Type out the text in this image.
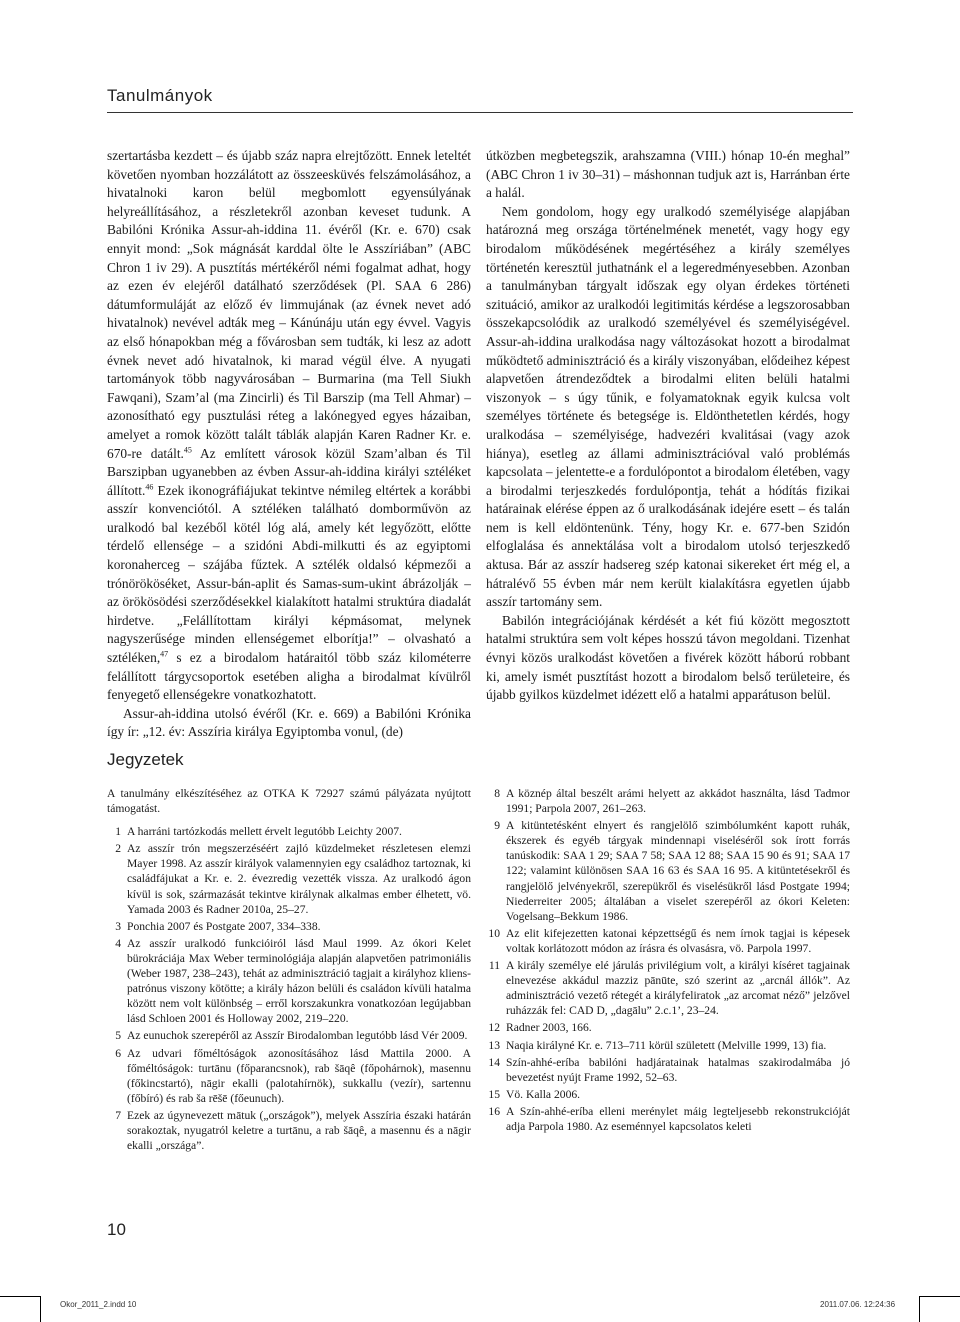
Tanulmányok

szertartásba kezdett – és újabb száz napra elrejtőzött. Ennek leteltét követően nyomban hozzálátott az összeesküvés felszámolásához, a hivatalnoki karon belül megbomlott egyensúlyának helyreállításához, a részletekről azonban keveset tudunk. A Babilóni Krónika Assur-ah-iddina 11. évéről (Kr. e. 670) csak ennyit mond: „Sok mágnását karddal ölte le Asszíriában” (ABC Chron 1 iv 29). A pusztítás mértékéről némi fogalmat adhat, hogy az ezen év elejéről datálható szerződések (Pl. SAA 6 286) dátumformuláját az előző év limmujának (az évnek nevet adó hivatalnok) nevével adták meg – Kánúnáju után egy évvel. Vagyis az első hónapokban még a fővárosban sem tudták, ki lesz az adott évnek nevet adó hivatalnok, ki marad végül élve. A nyugati tartományok több nagyvárosában – Burmarina (ma Tell Siukh Fawqani), Szam’al (ma Zincirli) és Til Barszip (ma Tell Ahmar) – azonosítható egy pusztulási réteg a lakónegyed egyes házaiban, amelyet a romok között talált táblák alapján Karen Radner Kr. e. 670-re datált.$^{45}$ Az említett városok közül Szam’alban és Til Barszipban ugyanebben az évben Assur-ah-iddina királyi sztéléket állított.$^{46}$ Ezek ikonográfiájukat tekintve némileg eltértek a korábbi asszír konvenciótól. A sztéléken található domborművön az uralkodó bal kezéből kötél lóg alá, amely két legyőzött, előtte térdelő ellensége – a szidóni Abdi-milkutti és az egyiptomi koronaherceg – szájába fűztek. A sztélék oldalsó képmezői a trónörököséket, Assur-bán-aplit és Samas-sum-ukint ábrázolják – az örökösödési szerződésekkel kialakított hatalmi struktúra diadalát hirdetve. „Felállítottam királyi képmásomat, melynek nagyszerűsége minden ellenségemet elborítja!” – olvasható a sztéléken,$^{47}$ s ez a birodalom határaitól több száz kilométerre felállított tárgycsoportok esetében aligha a birodalmat kívülről fenyegető ellenségekre vonatkozhatott.

Assur-ah-iddina utolsó évéről (Kr. e. 669) a Babilóni Krónika így ír: „12. év: Asszíria királya Egyiptomba vonul, (de)

útközben megbetegszik, arahszamna (VIII.) hónap 10-én meghal” (ABC Chron 1 iv 30–31) – máshonnan tudjuk azt is, Harránban érte a halál.

Nem gondolom, hogy egy uralkodó személyisége alapjában határozná meg országa történelmének menetét, vagy hogy egy birodalom működésének megértéséhez a király személyes történetén keresztül juthatnánk el a legeredményesebben. Azonban a tanulmányban tárgyalt időszak egy olyan érdekes történeti szituáció, amikor az uralkodói legitimitás kérdése a legszorosabban összekapcsolódik az uralkodó személyével és személyiségével. Assur-ah-iddina uralkodása nagy változásokat hozott a birodalmat működtető adminisztráció és a király viszonyában, elődeihez képest alapvetően átrendeződtek a birodalmi eliten belüli hatalmi viszonyok – s úgy tűnik, e folyamatoknak egyik kulcsa volt személyes története és betegsége is. Eldönthetetlen kérdés, hogy uralkodása – személyisége, hadvezéri kvalitásai (vagy azok hiánya), esetleg az állami adminisztrációval való problémás kapcsolata – jelentette-e a fordulópontot a birodalom életében, vagy a birodalmi terjeszkedés fordulópontja, tehát a hódítás fizikai határainak elérése éppen az ő uralkodásának idejére esett – és talán nem is kell eldöntenünk. Tény, hogy Kr. e. 677-ben Szidón elfoglalása és annektálása volt a birodalom utolsó terjeszkedő aktusa. Bár az asszír hadsereg szép katonai sikereket ért még el, a hátralévő 55 évben már nem került kialakításra egyetlen újabb asszír tartomány sem.

Babilón integrációjának kérdését a két fiú között megosztott hatalmi struktúra sem volt képes hosszú távon megoldani. Tizenhat évnyi közös uralkodást követően a fivérek között háború robbant ki, amely ismét pusztítást hozott a birodalom belső területeire, és újabb gyilkos küzdelmet idézett elő a hatalmi apparátuson belül.

Jegyzetek

A tanulmány elkészítéséhez az OTKA K 72927 számú pályázata nyújtott támogatást.

1 A harráni tartózkodás mellett érvelt legutóbb Leichty 2007.
2 Az asszír trón megszerzéséért zajló küzdelmeket részletesen elemzi Mayer 1998. Az asszír királyok valamennyien egy családhoz tartoznak, ki családfájukat a Kr. e. 2. évezredig vezették vissza. Az uralkodó ágon kívül is sok, származását tekintve királynak alkalmas ember élhetett, vö. Yamada 2003 és Radner 2010a, 25–27.
3 Ponchia 2007 és Postgate 2007, 334–338.
4 Az asszír uralkodó funkcióiról lásd Maul 1999. Az ókori Kelet bürokráciája Max Weber terminológiája alapján alapvetően patrimoniális (Weber 1987, 238–243), tehát az adminisztráció tagjait a királyhoz kliens-patrónus viszony kötötte; a király házon belüli és családon kívüli hatalma között nem volt különbség – erről korszakunkra vonatkozóan legújabban lásd Schloen 2001 és Holloway 2002, 219–220.
5 Az eunuchok szerepéről az Asszír Birodalomban legutóbb lásd Vér 2009.
6 Az udvari főméltóságok azonosításához lásd Mattila 2000. A főméltóságok: turtānu (főparancsnok), rab šāqê (főpohárnok), masennu (főkincstartó), nāgir ekalli (palotahírnök), sukkallu (vezír), sartennu (főbíró) és rab ša rēšē (főeunuch).
7 Ezek az úgynevezett mātuk („országok”), melyek Asszíria északi határán sorakoztak, nyugatról keletre a turtānu, a rab šāqê, a masennu és a nāgir ekalli „országa”.
8 A köznép által beszélt arámi helyett az akkádot használta, lásd Tadmor 1991; Parpola 2007, 261–263.
9 A kitüntetésként elnyert és rangjelölő szimbólumként kapott ruhák, ékszerek és egyéb tárgyak mindennapi viseléséről sok írott forrás tanúskodik: SAA 1 29; SAA 7 58; SAA 12 88; SAA 15 90 és 91; SAA 17 122; valamint különösen SAA 16 63 és SAA 16 95. A kitüntetésekről és rangjelölő jelvényekről, szerepükről és viselésükről lásd Postgate 1994; Niederreiter 2005; általában a viselet szerepéről az ókori Keleten: Vogelsang–Bekkum 1986.
10 Az elit kifejezetten katonai képzettségű és nem írnok tagjai is képesek voltak korlátozott módon az írásra és olvasásra, vö. Parpola 1997.
11 A király személye elé járulás privilégium volt, a királyi kíséret tagjainak elnevezése akkádul mazziz pānūte, szó szerint az „arcnál állók”. Az adminisztráció vezető rétegét a királyfeliratok „az arcomat néző” jelzővel ruházzák fel: CAD D, „dagālu” 2.c.1’, 23–24.
12 Radner 2003, 166.
13 Naqia királyné Kr. e. 713–711 körül született (Melville 1999, 13) fia.
14 Szín-ahhé-eríba babilóni hadjáratainak hatalmas szakirodalmába jó bevezetést nyújt Frame 1992, 52–63.
15 Vö. Kalla 2006.
16 A Szín-ahhé-eríba elleni merénylet máig legteljesebb rekonstrukcióját adja Parpola 1980. Az eseménnyel kapcsolatos keleti
10
Okor_2011_2.indd 10	2011.07.06. 12:24:36
